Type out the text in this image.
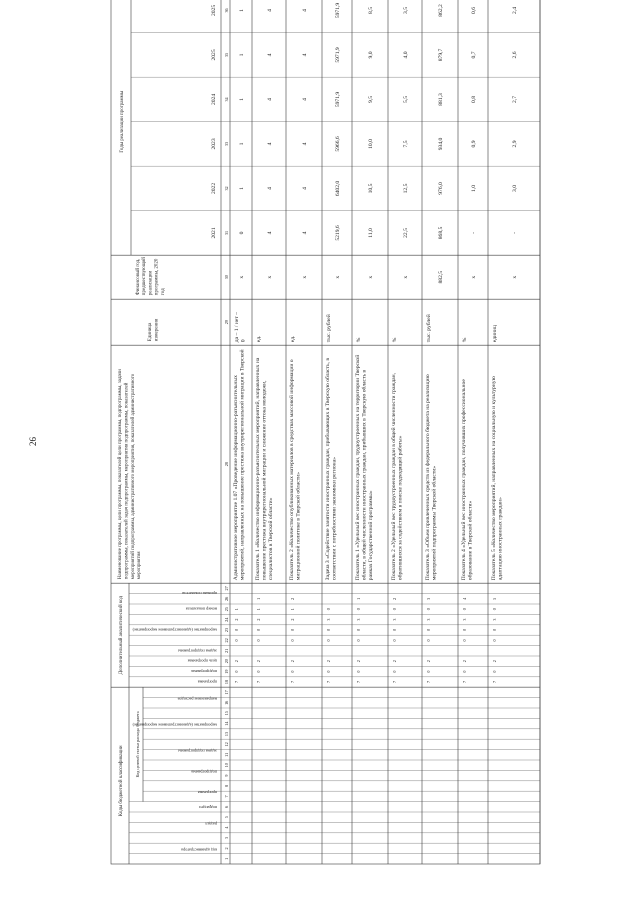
26
Коды бюджетной классификации
Дополнительный аналитический код
Код целевой статьи расхода бюджета
код администратора
раздел
подраздел
программа
подпрограмма
задача подпрограммы
мероприятие (административное мероприятие)
направление расходов
программа
подпрограмма
цель программы
задача подпрограммы
мероприятие (административное мероприятие)
номер показателя
признак показателя
Наименование программы, цели программы, показателей цели программы, подпрограммы, задачиподпрограммы, показателей задач подпрограммы, мероприятия подпрограммы, показателеймероприятий подпрограммы, административного мероприятия, показателей административногомероприятия
Единицаизмерения
Финансовый год,предшествующийреализациипрограммы, 2020год
Годы реализации программы
2021
2022
2023
2024
2025
2025
1
2
3
4
5
6
7
8
9
10
11
12
13
14
15
16
17
18
19
20
21
22
23
24
25
26
27
28
29
30
31
32
33
34
35
36
7
0
2
0
0
2
1
Административное мероприятие 1.07 «Проведение информационно-разъяснительныхмероприятий, направленных на повышение престижа внутрирегиональной миграции в Тверской
да – 1 / нет –0
х
0
1
1
1
1
1
7
0
2
0
0
2
1
1
Показатель 1 «Количество информационно-разъяснительных мероприятий, направленных наповышение престижа внутрирегиональной миграции и снижение оттока молодежи,специалистов в Тверской области»
ед.
х
4
4
4
4
4
4
7
0
2
0
0
2
1
2
Показатель 2 «Количество опубликованных материалов в средствах массовой информации омиграционной политике в Тверской области»
ед.
х
4
4
4
4
4
4
7
0
2
0
0
3
0
Задача 3 «Содействие занятости иностранных граждан, прибывающих в Тверскую область, всоответствии с потребностями экономики региона»
тыс. рублей
х
5219,6
6402,0
5966,6
5971,9
5971,9
5971,9
7
0
2
0
0
3
0
1
Показатель 1 «Удельный вес иностранных граждан, трудоустроенных на территории Тверскойобласти, в общей численности иностранных граждан, прибывших в Тверскую область врамках Государственной программы»
%
х
11,0
10,5
10,0
9,5
9,0
8,5
7
0
2
0
0
3
0
2
Показатель 2 «Удельный вес трудоустроенных граждан в общей численности граждан,обратившихся за содействием в поиске подходящей работы»
%
х
22,5
12,5
7,5
5,5
4,0
3,5
7
0
2
0
0
3
0
3
Показатель 3 «Объем привлеченных средств из федерального бюджета на реализациюмероприятий подпрограммы Тверской области»
тыс. рублей
882,5
868,5
976,0
934,0
881,3
879,7
862,2
7
0
2
0
0
3
0
4
Показатель 4 «Удельный вес иностранных граждан, получивших профессиональноеобразование в Тверской области»
%
х
-
1,0
0,9
0,8
0,7
0,6
7
0
2
0
0
3
0
5
Показатель 5 «Количество мероприятий, направленных на социальную и культурнуюадаптацию иностранных граждан»
единиц
х
-
3,0
2,9
2,7
2,6
2,4
